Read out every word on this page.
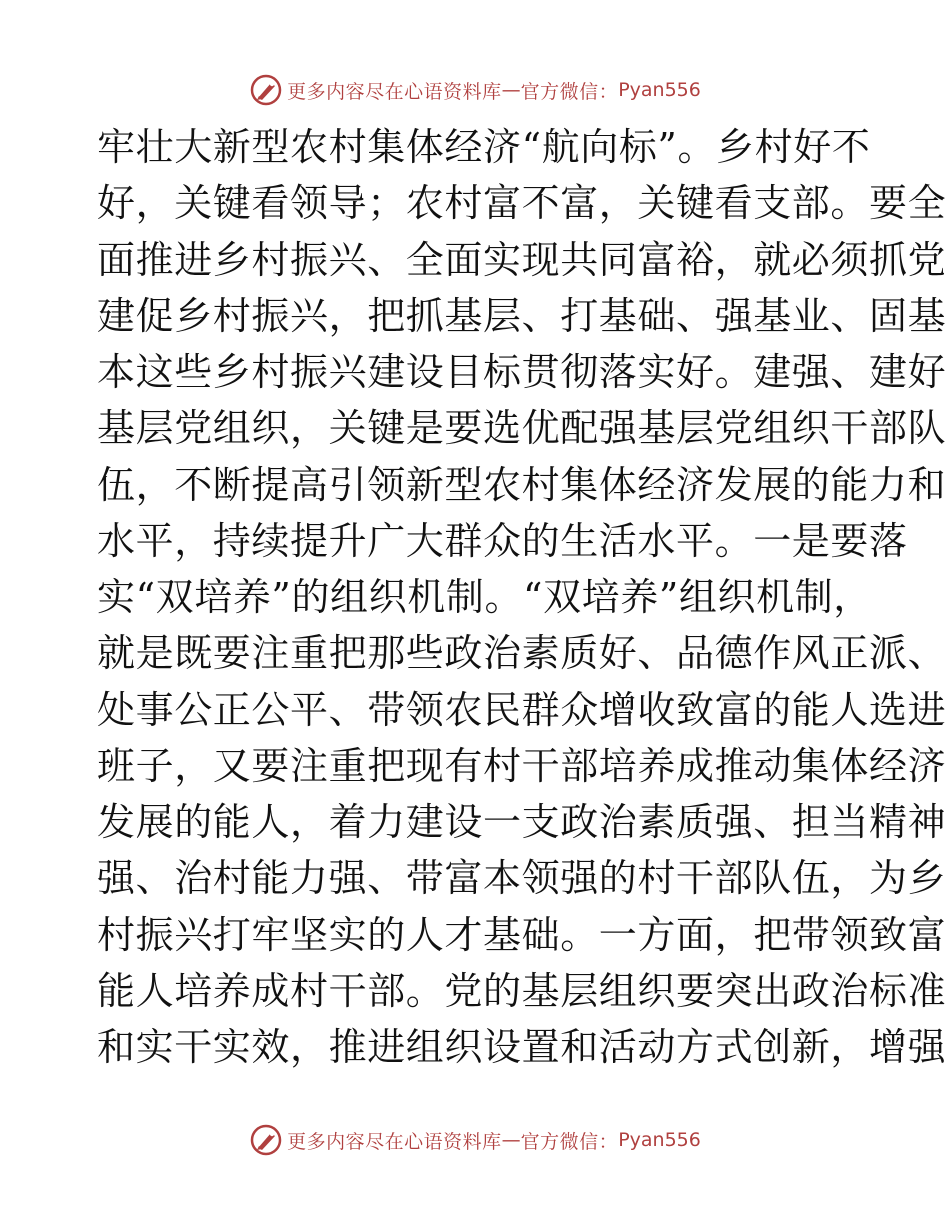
更多内容尽在心语资料库 — 官方微信： Pyan556
牢壮大新型农村集体经济“航向标”。乡村好不
好，关键看领导；农村富不富，关键看支部。要全
面推进乡村振兴、全面实现共同富裕，就必须抓党
建促乡村振兴，把抓基层、打基础、强基业、固基
本这些乡村振兴建设目标贯彻落实好。建强、建好
基层党组织，关键是要选优配强基层党组织干部队
伍，不断提高引领新型农村集体经济发展的能力和
水平，持续提升广大群众的生活水平。一是要落
实“双培养”的组织机制。“双培养”组织机制，
就是既要注重把那些政治素质好、品德作风正派、
处事公正公平、带领农民群众增收致富的能人选进
班子，又要注重把现有村干部培养成推动集体经济
发展的能人，着力建设一支政治素质强、担当精神
强、治村能力强、带富本领强的村干部队伍，为乡
村振兴打牢坚实的人才基础。一方面，把带领致富
能人培养成村干部。党的基层组织要突出政治标准
和实干实效，推进组织设置和活动方式创新，增强
更多内容尽在心语资料库 — 官方微信： Pyan556
